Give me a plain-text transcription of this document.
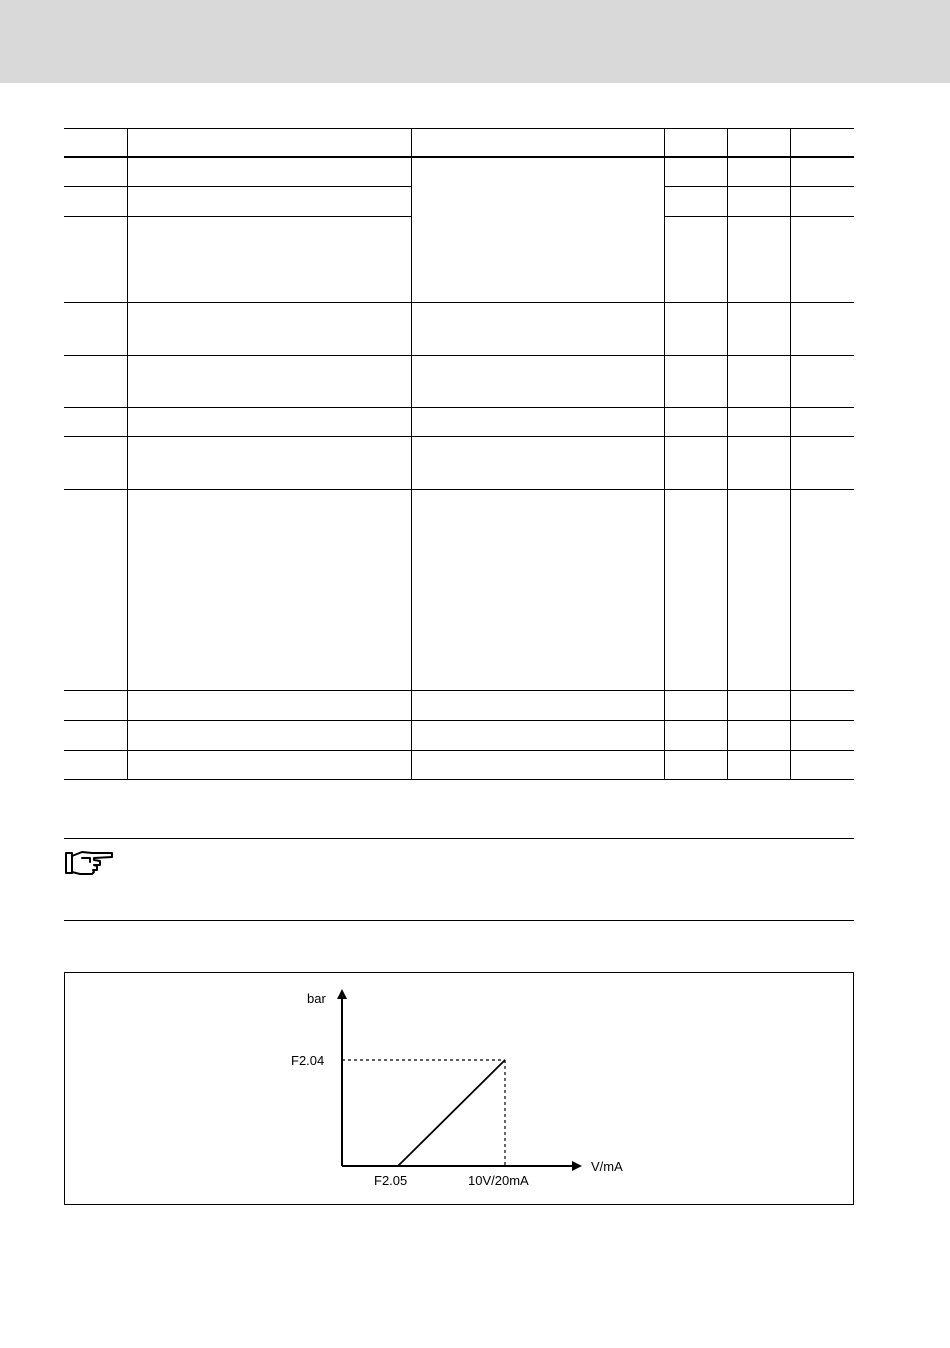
bar
F2.04
V/mA
F2.05	10V/20mA
